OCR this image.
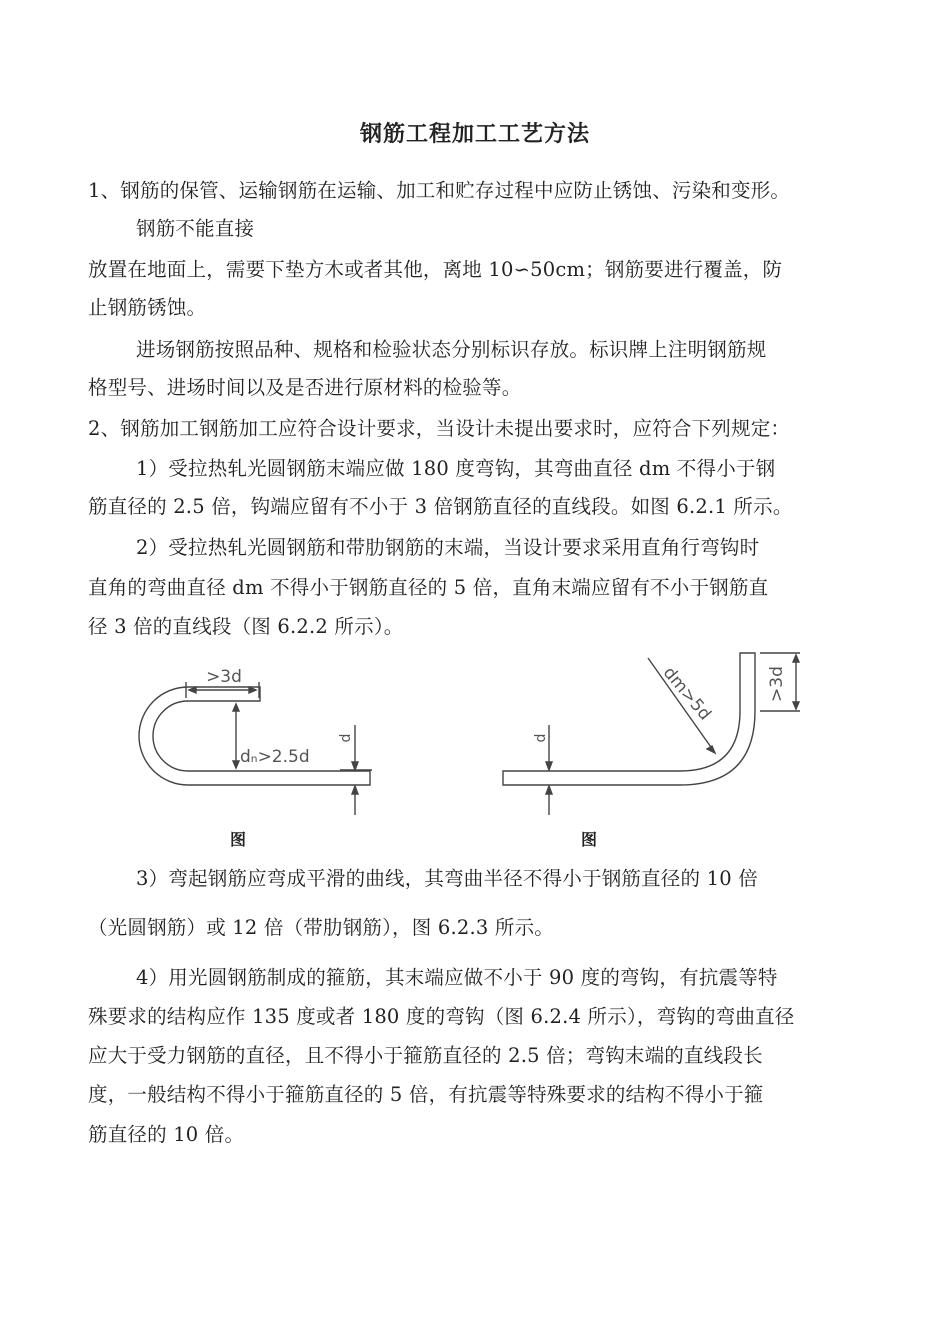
钢筋工程加工工艺方法

1、钢筋的保管、运输钢筋在运输、加工和贮存过程中应防止锈蚀、污染和变形。

钢筋不能直接

放置在地面上，需要下垫方木或者其他，离地 10∽50cm；钢筋要进行覆盖，防

止钢筋锈蚀。

进场钢筋按照品种、规格和检验状态分别标识存放。标识牌上注明钢筋规

格型号、进场时间以及是否进行原材料的检验等。

2、钢筋加工钢筋加工应符合设计要求，当设计未提出要求时，应符合下列规定：

1）受拉热轧光圆钢筋末端应做 180 度弯钩，其弯曲直径 dm 不得小于钢

筋直径的 2.5 倍，钩端应留有不小于 3 倍钢筋直径的直线段。如图 6.2.1 所示。

2）受拉热轧光圆钢筋和带肋钢筋的末端，当设计要求采用直角行弯钩时

直角的弯曲直径 dm 不得小于钢筋直径的 5 倍，直角末端应留有不小于钢筋直

径 3 倍的直线段（图 6.2.2 所示）。

>3d
dₙ>2.5d
d
图
dm>5d	>3d
d
图

3）弯起钢筋应弯成平滑的曲线，其弯曲半径不得小于钢筋直径的 10 倍

（光圆钢筋）或 12 倍（带肋钢筋），图 6.2.3 所示。

4）用光圆钢筋制成的箍筋，其末端应做不小于 90 度的弯钩，有抗震等特

殊要求的结构应作 135 度或者 180 度的弯钩（图 6.2.4 所示），弯钩的弯曲直径

应大于受力钢筋的直径，且不得小于箍筋直径的 2.5 倍；弯钩末端的直线段长

度，一般结构不得小于箍筋直径的 5 倍，有抗震等特殊要求的结构不得小于箍

筋直径的 10 倍。
